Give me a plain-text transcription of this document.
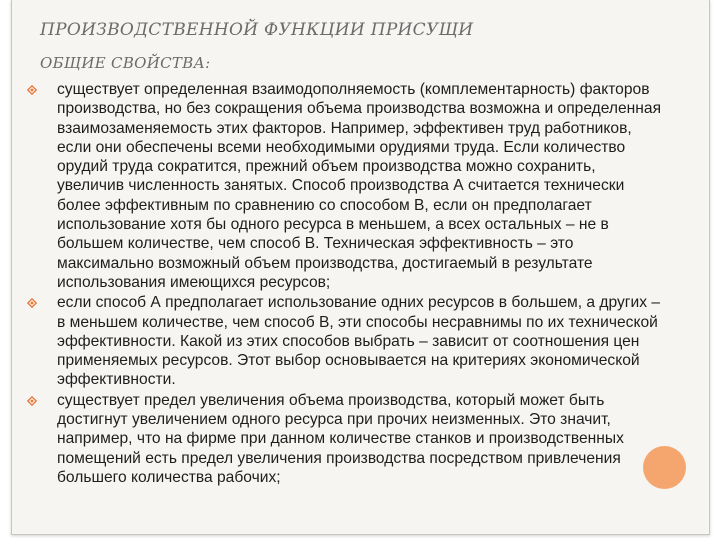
ПРОИЗВОДСТВЕННОЙ ФУНКЦИИ ПРИСУЩИ
ОБЩИЕ СВОЙСТВА:
существует определенная взаимодополняемость (комплементарность) факторов производства, но без сокращения объема производства возможна и определенная взаимозаменяемость этих факторов. Например, эффективен труд работников, если они обеспечены всеми необходимыми орудиями труда. Если количество орудий труда сократится, прежний объем производства можно сохранить, увеличив численность занятых. Способ производства А считается технически более эффективным по сравнению со способом В, если он предполагает использование хотя бы одного ресурса в меньшем, а всех остальных – не в большем количестве, чем способ В. Техническая эффективность – это максимально возможный объем производства, достигаемый в результате использования имеющихся ресурсов;
если способ А предполагает использование одних ресурсов в большем, а других – в меньшем количестве, чем способ В, эти способы несравнимы по их технической эффективности. Какой из этих способов выбрать – зависит от соотношения цен применяемых ресурсов. Этот выбор основывается на критериях экономической эффективности.
существует предел увеличения объема производства, который может быть достигнут увеличением одного ресурса при прочих неизменных. Это значит, например, что на фирме при данном количестве станков и производственных помещений есть предел увеличения производства посредством привлечения большего количества рабочих;
